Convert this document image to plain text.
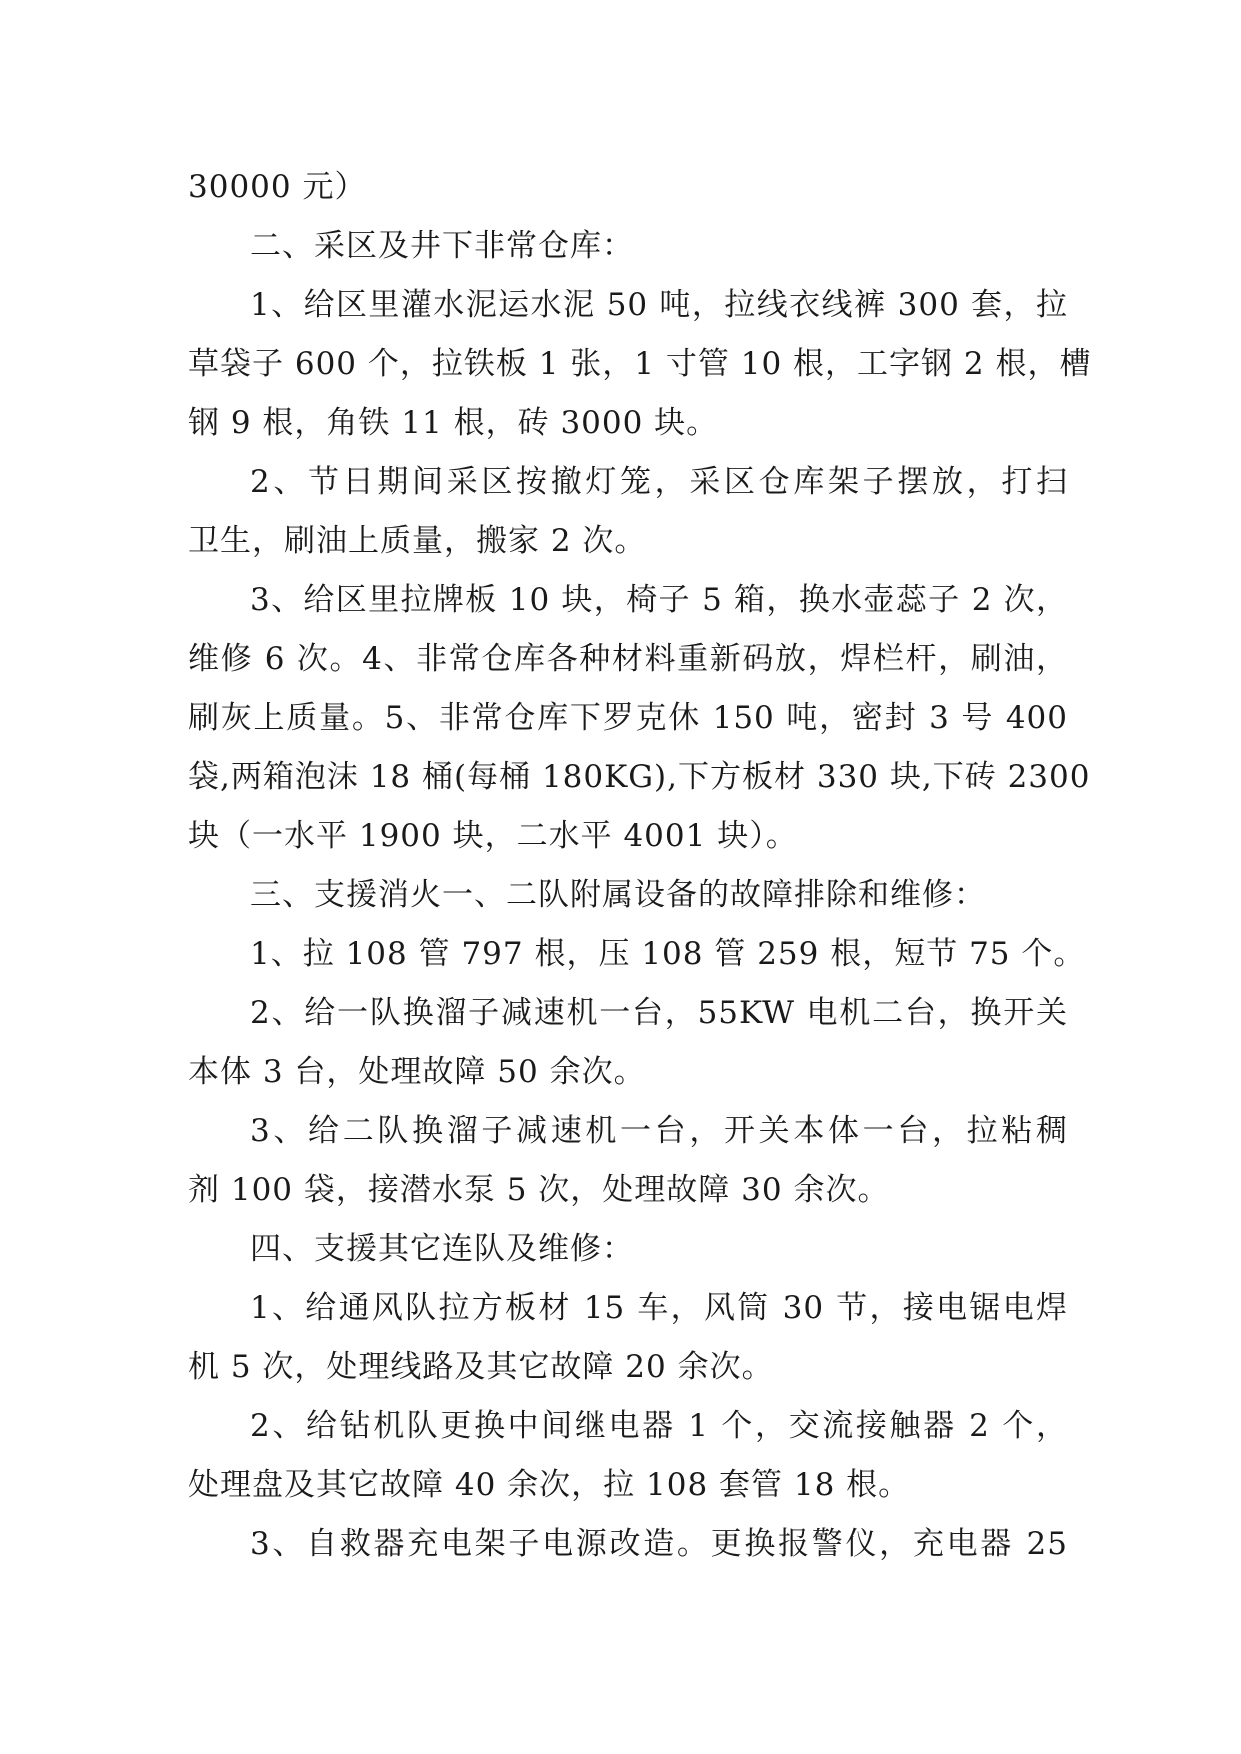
30000 元）
二、采区及井下非常仓库：
1、给区里灌水泥运水泥 50 吨，拉线衣线裤 300 套，拉
草袋子 600 个，拉铁板 1 张，1 寸管 10 根，工字钢 2 根，槽
钢 9 根，角铁 11 根，砖 3000 块。
2、节日期间采区按撤灯笼，采区仓库架子摆放，打扫
卫生，刷油上质量，搬家 2 次。
3、给区里拉牌板 10 块，椅子 5 箱，换水壶蕊子 2 次，
维修 6 次。4、非常仓库各种材料重新码放，焊栏杆，刷油，
刷灰上质量。5、非常仓库下罗克休 150 吨，密封 3 号 400
袋,两箱泡沫 18 桶(每桶 180KG),下方板材 330 块,下砖 2300
块（一水平 1900 块，二水平 4001 块）。
三、支援消火一、二队附属设备的故障排除和维修：
1、拉 108 管 797 根，压 108 管 259 根，短节 75 个。
2、给一队换溜子减速机一台，55KW 电机二台，换开关
本体 3 台，处理故障 50 余次。
3、给二队换溜子减速机一台，开关本体一台，拉粘稠
剂 100 袋，接潜水泵 5 次，处理故障 30 余次。
四、支援其它连队及维修：
1、给通风队拉方板材 15 车，风筒 30 节，接电锯电焊
机 5 次，处理线路及其它故障 20 余次。
2、给钻机队更换中间继电器 1 个，交流接触器 2 个，
处理盘及其它故障 40 余次，拉 108 套管 18 根。
3、自救器充电架子电源改造。更换报警仪，充电器 25
